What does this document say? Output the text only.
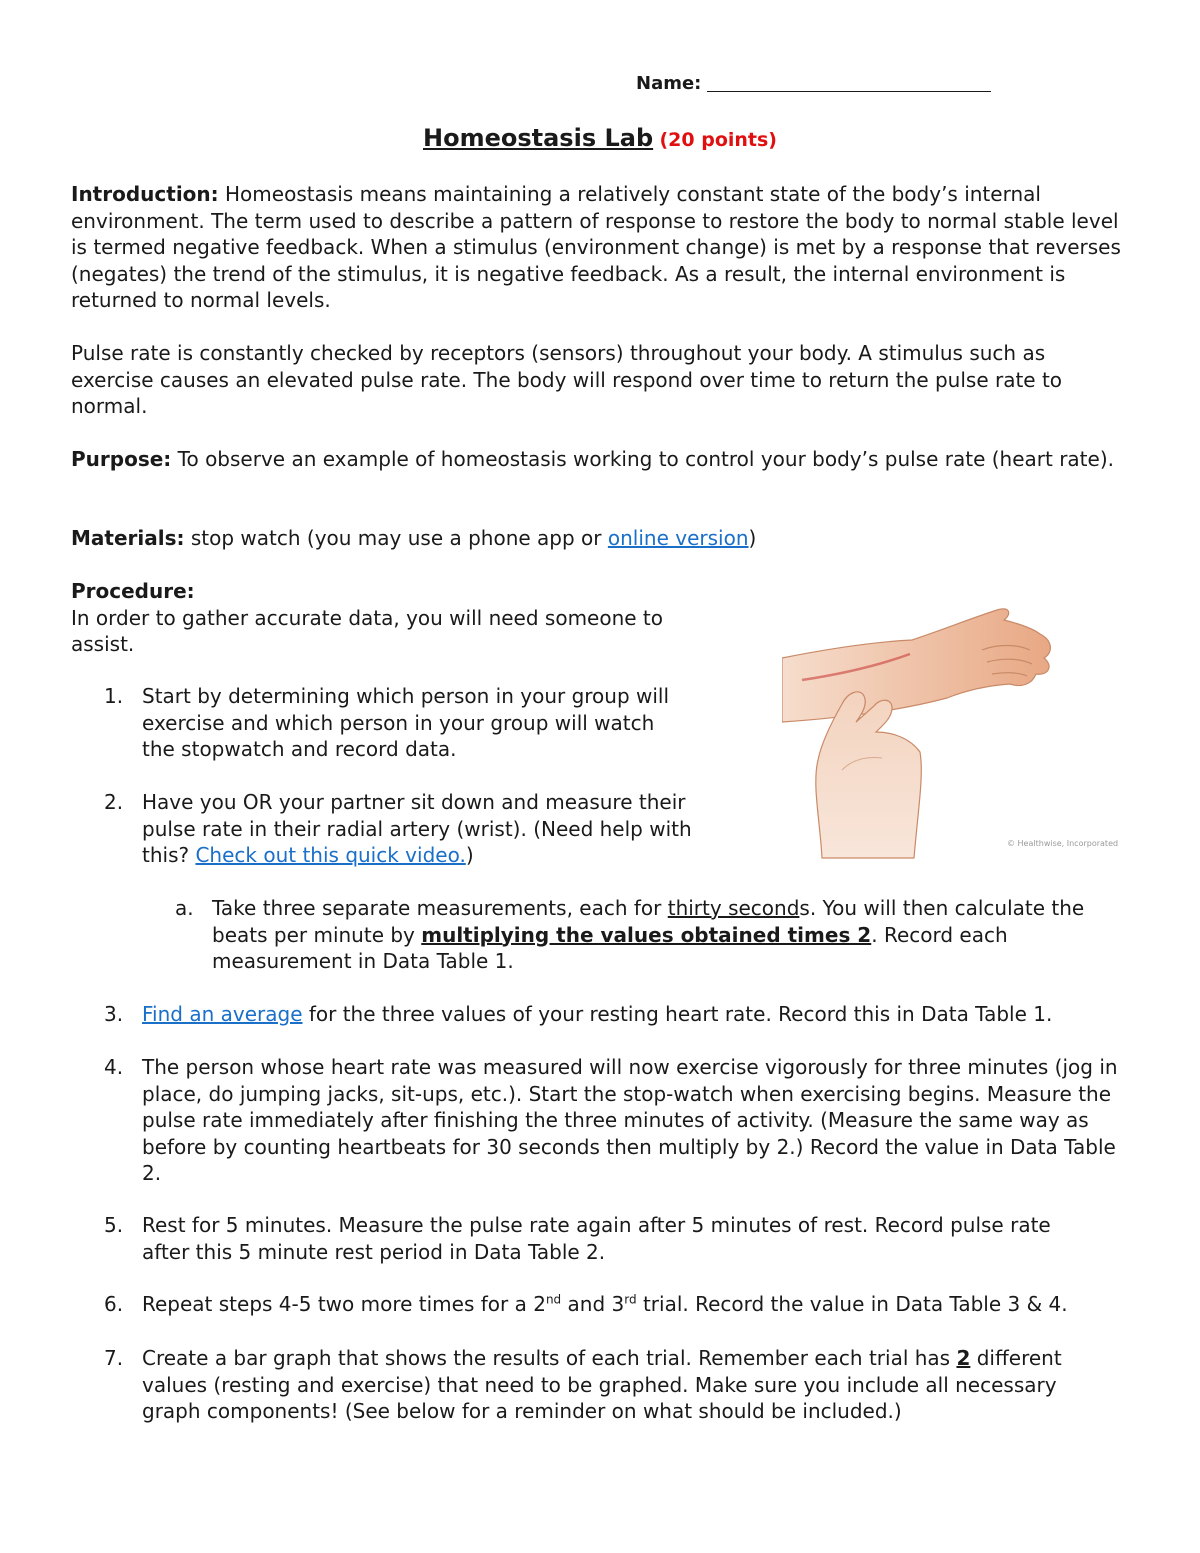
Name:
Homeostasis Lab (20 points)

Introduction: Homeostasis means maintaining a relatively constant state of the body’s internal environment. The term used to describe a pattern of response to restore the body to normal stable level is termed negative feedback. When a stimulus (environment change) is met by a response that reverses (negates) the trend of the stimulus, it is negative feedback. As a result, the internal environment is returned to normal levels.

Pulse rate is constantly checked by receptors (sensors) throughout your body. A stimulus such as exercise causes an elevated pulse rate. The body will respond over time to return the pulse rate to normal.

Purpose: To observe an example of homeostasis working to control your body’s pulse rate (heart rate).

Materials: stop watch (you may use a phone app or online version)

Procedure:
In order to gather accurate data, you will need someone to assist.
1. Start by determining which person in your group will exercise and which person in your group will watch the stopwatch and record data.
2. Have you OR your partner sit down and measure their pulse rate in their radial artery (wrist). (Need help with this? Check out this quick video.)
a. Take three separate measurements, each for thirty seconds. You will then calculate the beats per minute by multiplying the values obtained times 2. Record each measurement in Data Table 1.
3. Find an average for the three values of your resting heart rate. Record this in Data Table 1.
4. The person whose heart rate was measured will now exercise vigorously for three minutes (jog in place, do jumping jacks, sit-ups, etc.). Start the stop-watch when exercising begins. Measure the pulse rate immediately after finishing the three minutes of activity. (Measure the same way as before by counting heartbeats for 30 seconds then multiply by 2.) Record the value in Data Table 2.
5. Rest for 5 minutes. Measure the pulse rate again after 5 minutes of rest. Record pulse rate after this 5 minute rest period in Data Table 2.
6. Repeat steps 4-5 two more times for a 2nd and 3rd trial. Record the value in Data Table 3 & 4.
7. Create a bar graph that shows the results of each trial. Remember each trial has 2 different values (resting and exercise) that need to be graphed. Make sure you include all necessary graph components! (See below for a reminder on what should be included.)
© Healthwise, Incorporated
